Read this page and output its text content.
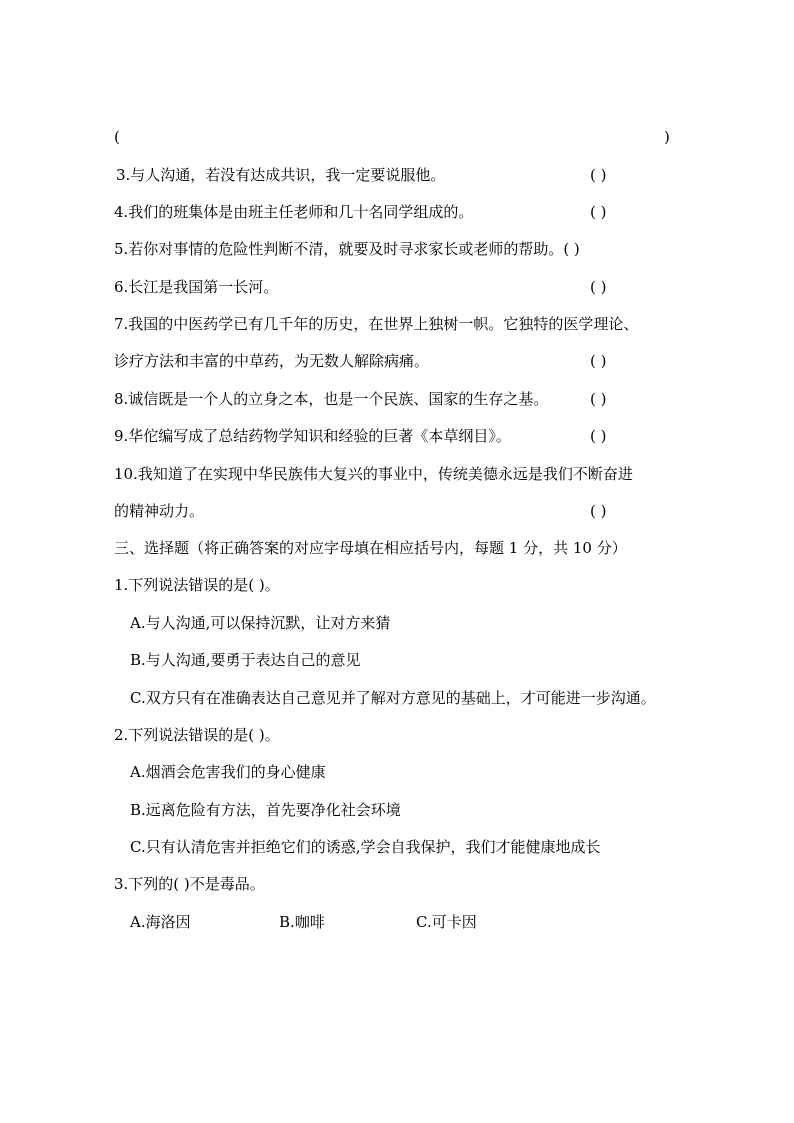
(	)
3.与人沟通，若没有达成共识，我一定要说服他。	( )
4.我们的班集体是由班主任老师和几十名同学组成的。	( )
5.若你对事情的危险性判断不清，就要及时寻求家长或老师的帮助。( )
6.长江是我国第一长河。	( )
7.我国的中医药学已有几千年的历史，在世界上独树一帜。它独特的医学理论、
诊疗方法和丰富的中草药，为无数人解除病痛。	( )
8.诚信既是一个人的立身之本，也是一个民族、国家的生存之基。	( )
9.华佗编写成了总结药物学知识和经验的巨著《本草纲目》。	( )
10.我知道了在实现中华民族伟大复兴的事业中，传统美德永远是我们不断奋进
的精神动力。	( )
三、选择题（将正确答案的对应字母填在相应括号内，每题 1 分，共 10 分）
1.下列说法错误的是( )。
A.与人沟通,可以保持沉默，让对方来猜
B.与人沟通,要勇于表达自己的意见
C.双方只有在准确表达自己意见并了解对方意见的基础上，才可能进一步沟通。
2.下列说法错误的是( )。
A.烟酒会危害我们的身心健康
B.远离危险有方法，首先要净化社会环境
C.只有认清危害并拒绝它们的诱惑,学会自我保护，我们才能健康地成长
3.下列的( )不是毒品。
A.海洛因	B.咖啡	C.可卡因
